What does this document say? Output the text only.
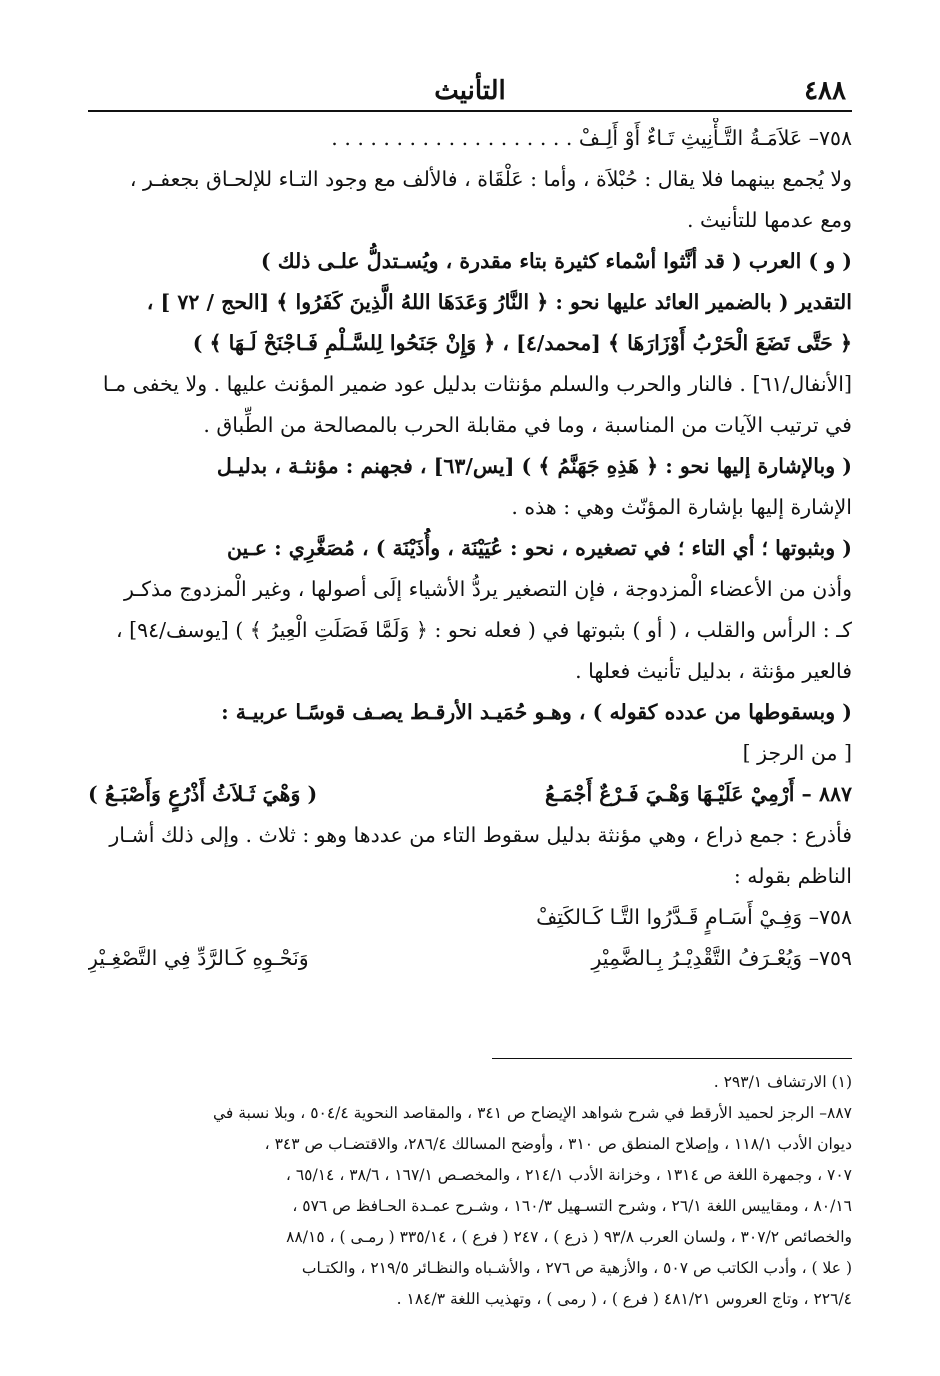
٤٨٨
التأنيث
٧٥٨– عَلاَمَـةُ التَّـأْنِيثِ تَـاءٌ أَوْ أَلِـفْ . . . . . . . . . . . . . . . . . . .
ولا يُجمع بينهما فلا يقال : حُبْلاَة ، وأما : عَلْقَاة ، فالألف مع وجود التـاء للإلحـاق بجعفـر ،
ومع عدمها للتأنيث .
( و ) العرب ( قد أنَّثوا أسْماء كثيرة بتاء مقدرة ، ويُسـتدلُّ علـى ذلك )
التقدير ( بالضمير العائد عليها نحو : ﴿ النَّارُ وَعَدَهَا اللهُ الَّذِينَ كَفَرُوا ﴾ [الحج / ٧٢ ] ،
﴿ حَتَّى تَضَعَ الْحَرْبُ أَوْزَارَهَا ﴾ [محمد/٤] ، ﴿ وَإِنْ جَنَحُوا لِلسَّـلْمِ فَـاجْنَحْ لَـهَا ﴾ )
[الأنفال/٦١] . فالنار والحرب والسلم مؤنثات بدليل عود ضمير المؤنث عليها . ولا يخفى مـا
في ترتيب الآيات من المناسبة ، وما في مقابلة الحرب بالمصالحة من الطِّباق .
( وبالإشارة إليها نحو : ﴿ هَذِهِ جَهَنَّمُ ﴾ ) [يس/٦٣] ، فجهنم : مؤنثـة ، بدليـل
الإشارة إليها بإشارة المؤنّث وهي : هذه .
( وبثبوتها ؛ أي التاء ؛ في تصغيره ، نحو : عُيَيْنَة ، وأُذَيْنَة ) ، مُصَغَّرِي : عـين
وأذن من الأعضاء الْمزدوجة ، فإن التصغير يردُّ الأشياء إلَى أصولها ، وغير الْمزدوج مذكـر
كـ : الرأس والقلب ، ( أو ) بثبوتها في ( فعله نحو : ﴿ وَلَمَّا فَصَلَتِ الْعِيرُ ﴾ ) [يوسف/٩٤] ،
فالعير مؤنثة ، بدليل تأنيث فعلها .
( وبسقوطها من عدده كقوله ) ، وهـو حُمَيـد الأرقـط يصـف قوسًـا عربيـة :
[ من الرجز ]
٨٨٧ – أَرْمِيْ عَلَيْـهَا وَهْـيَ فَـرْعٌ أَجْمَـعُ
( وَهْيَ ثَـلاَثُ أَذْرُعٍ وَأَصْبَـعُ )
فأذرع : جمع ذراع ، وهي مؤنثة بدليل سقوط التاء من عددها وهو : ثلاث . وإلى ذلك أشـار
الناظم بقوله :
٧٥٨– وَفِـيْ أَسَـامٍ قَـدَّرُوا التَّـا كَـالكَتِفْ
٧٥٩– وَيُعْـرَفُ التَّقْدِيْـرُ بِـالضَّمِيْرِ
وَنَحْـوِهِ كَـالرَّدِّ فِي التَّصْغِـيْرِ
(١) الارتشاف ٢٩٣/١ .
٨٨٧– الرجز لحميد الأرقط في شرح شواهد الإيضاح ص ٣٤١ ، والمقاصد النحوية ٥٠٤/٤ ، وبلا نسبة في
ديوان الأدب ١١٨/١ ، وإصلاح المنطق ص ٣١٠ ، وأوضح المسالك ٢٨٦/٤، والاقتضـاب ص ٣٤٣ ،
٧٠٧ ، وجمهرة اللغة ص ١٣١٤ ، وخزانة الأدب ٢١٤/١ ، والمخصـص ١٦٧/١ ، ٣٨/٦ ، ٦٥/١٤ ،
٨٠/١٦ ، ومقاييس اللغة ٢٦/١ ، وشرح التسـهيل ١٦٠/٣ ، وشـرح عمـدة الحـافظ ص ٥٧٦ ،
والخصائص ٣٠٧/٢ ، ولسان العرب ٩٣/٨ ( ذرع ) ، ٢٤٧ ( فرع ) ، ٣٣٥/١٤ ( رمـى ) ، ٨٨/١٥
( علا ) ، وأدب الكاتب ص ٥٠٧ ، والأزهية ص ٢٧٦ ، والأشـباه والنظـائر ٢١٩/٥ ، والكتـاب
٢٢٦/٤ ، وتاج العروس ٤٨١/٢١ ( فرع ) ، ( رمى ) ، وتهذيب اللغة ١٨٤/٣ .
